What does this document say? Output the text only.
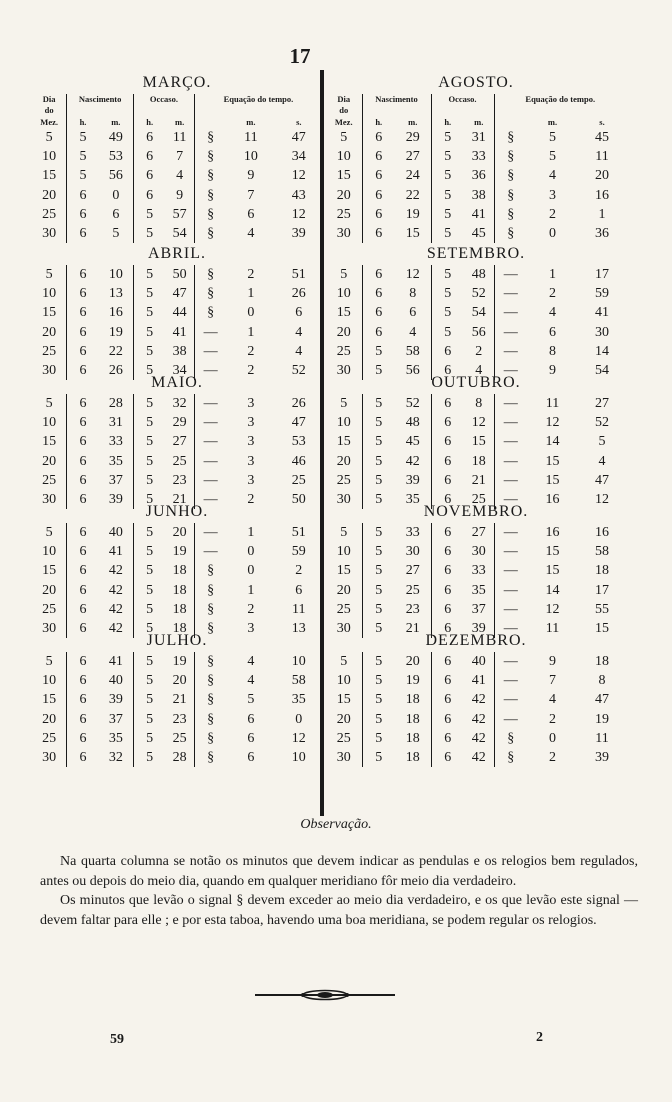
17
MARÇO.
Dia	Nascimento		Occaso.		Equação do tempo.		
do							
Mez.	h.	m.	h.	m.		m.	s.
5	5	49	6	11	§	11	47
10	5	53	6	7	§	10	34
15	5	56	6	4	§	9	12
20	6	0	6	9	§	7	43
25	6	6	5	57	§	6	12
30	6	5	5	54	§	4	39
ABRIL.
5	6	10	5	50	§	2	51
10	6	13	5	47	§	1	26
15	6	16	5	44	§	0	6
20	6	19	5	41	—	1	4
25	6	22	5	38	—	2	4
30	6	26	5	34	—	2	52
MAIO.
5	6	28	5	32	—	3	26
10	6	31	5	29	—	3	47
15	6	33	5	27	—	3	53
20	6	35	5	25	—	3	46
25	6	37	5	23	—	3	25
30	6	39	5	21	—	2	50
JUNHO.
5	6	40	5	20	—	1	51
10	6	41	5	19	—	0	59
15	6	42	5	18	§	0	2
20	6	42	5	18	§	1	6
25	6	42	5	18	§	2	11
30	6	42	5	18	§	3	13
JULHO.
5	6	41	5	19	§	4	10
10	6	40	5	20	§	4	58
15	6	39	5	21	§	5	35
20	6	37	5	23	§	6	0
25	6	35	5	25	§	6	12
30	6	32	5	28	§	6	10
AGOSTO.
Dia	Nascimento		Occaso.		Equação do tempo.		
do							
Mez.	h.	m.	h.	m.		m.	s.
5	6	29	5	31	§	5	45
10	6	27	5	33	§	5	11
15	6	24	5	36	§	4	20
20	6	22	5	38	§	3	16
25	6	19	5	41	§	2	1
30	6	15	5	45	§	0	36
SETEMBRO.
5	6	12	5	48	—	1	17
10	6	8	5	52	—	2	59
15	6	6	5	54	—	4	41
20	6	4	5	56	—	6	30
25	5	58	6	2	—	8	14
30	5	56	6	4	—	9	54
OUTUBRO.
5	5	52	6	8	—	11	27
10	5	48	6	12	—	12	52
15	5	45	6	15	—	14	5
20	5	42	6	18	—	15	4
25	5	39	6	21	—	15	47
30	5	35	6	25	—	16	12
NOVEMBRO.
5	5	33	6	27	—	16	16
10	5	30	6	30	—	15	58
15	5	27	6	33	—	15	18
20	5	25	6	35	—	14	17
25	5	23	6	37	—	12	55
30	5	21	6	39	—	11	15
DEZEMBRO.
5	5	20	6	40	—	9	18
10	5	19	6	41	—	7	8
15	5	18	6	42	—	4	47
20	5	18	6	42	—	2	19
25	5	18	6	42	§	0	11
30	5	18	6	42	§	2	39
Observação.

Na quarta columna se notão os minutos que devem indicar as pendulas e os relogios bem regulados, antes ou depois do meio dia, quando em qualquer meridiano fôr meio dia verdadeiro.

Os minutos que levão o signal § devem exceder ao meio dia verdadeiro, e os que levão este signal — devem faltar para elle ; e por esta taboa, havendo uma boa meridiana, se podem regular os relogios.

59	2
